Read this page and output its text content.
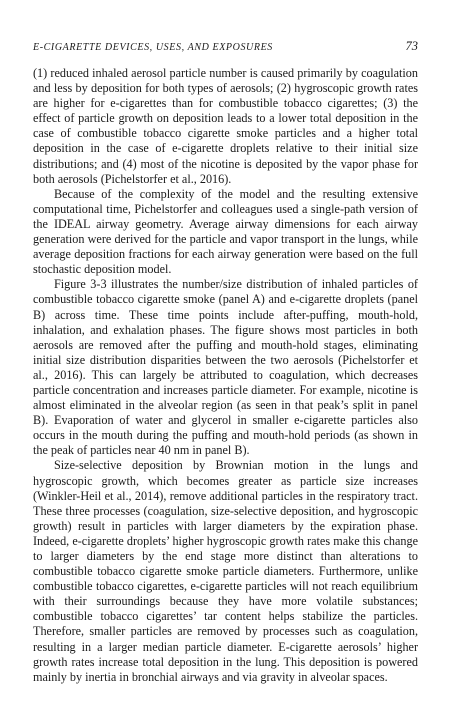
E-CIGARETTE DEVICES, USES, AND EXPOSURES	73

(1) reduced inhaled aerosol particle number is caused primarily by coagulation and less by deposition for both types of aerosols; (2) hygroscopic growth rates are higher for e-cigarettes than for combustible tobacco cigarettes; (3) the effect of particle growth on deposition leads to a lower total deposition in the case of combustible tobacco cigarette smoke particles and a higher total deposition in the case of e-cigarette droplets relative to their initial size distributions; and (4) most of the nicotine is deposited by the vapor phase for both aerosols (Pichelstorfer et al., 2016).

Because of the complexity of the model and the resulting extensive computational time, Pichelstorfer and colleagues used a single-path version of the IDEAL airway geometry. Average airway dimensions for each airway generation were derived for the particle and vapor transport in the lungs, while average deposition fractions for each airway generation were based on the full stochastic deposition model.

Figure 3-3 illustrates the number/size distribution of inhaled particles of combustible tobacco cigarette smoke (panel A) and e-cigarette droplets (panel B) across time. These time points include after-puffing, mouth-hold, inhalation, and exhalation phases. The figure shows most particles in both aerosols are removed after the puffing and mouth-hold stages, eliminating initial size distribution disparities between the two aerosols (Pichelstorfer et al., 2016). This can largely be attributed to coagulation, which decreases particle concentration and increases particle diameter. For example, nicotine is almost eliminated in the alveolar region (as seen in that peak’s split in panel B). Evaporation of water and glycerol in smaller e-cigarette particles also occurs in the mouth during the puffing and mouth-hold periods (as shown in the peak of particles near 40 nm in panel B).

Size-selective deposition by Brownian motion in the lungs and hygroscopic growth, which becomes greater as particle size increases (Winkler-Heil et al., 2014), remove additional particles in the respiratory tract. These three processes (coagulation, size-selective deposition, and hygroscopic growth) result in particles with larger diameters by the expiration phase. Indeed, e-cigarette droplets’ higher hygroscopic growth rates make this change to larger diameters by the end stage more distinct than alterations to combustible tobacco cigarette smoke particle diameters. Furthermore, unlike combustible tobacco cigarettes, e-cigarette particles will not reach equilibrium with their surroundings because they have more volatile substances; combustible tobacco cigarettes’ tar content helps stabilize the particles. Therefore, smaller particles are removed by processes such as coagulation, resulting in a larger median particle diameter. E-cigarette aerosols’ higher growth rates increase total deposition in the lung. This deposition is powered mainly by inertia in bronchial airways and via gravity in alveolar spaces.
